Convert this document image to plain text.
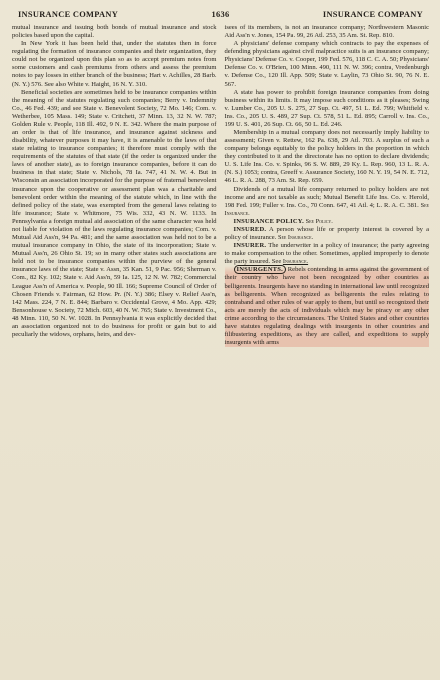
INSURANCE COMPANY	1636	INSURANCE COMPANY

mutual insurance and issuing both bonds of mutual insurance and stock policies based upon the capital.

In New York it has been held that, under the statutes then in force regulating the formation of insurance companies and their organization, they could not be organized upon this plan so as to accept premium notes from some customers and cash premiums from others and assess the premium notes to pay losses in either branch of the business; Hart v. Achilles, 28 Barb. (N. Y.) 576. See also White v. Haight, 16 N. Y. 310.

Beneficial societies are sometimes held to be insurance companies within the meaning of the statutes regulating such companies; Berry v. Indemnity Co., 46 Fed. 439; and see State v. Benevolent Society, 72 Mo. 146; Com. v. Wetherbee, 105 Mass. 149; State v. Critchett, 37 Minn. 13, 32 N. W. 787; Golden Rule v. People, 118 Ill. 492, 9 N. E. 342. Where the main purpose of an order is that of life insurance, and insurance against sickness and disability, whatever purposes it may have, it is amenable to the laws of that state relating to insurance companies; it therefore must comply with the requirements of the statutes of that state (if the order is organized under the laws of another state), as to foreign insurance companies, before it can do business in that state; State v. Nichols, 78 Ia. 747, 41 N. W. 4. But in Wisconsin an association incorporated for the purpose of fraternal benevolent insurance upon the cooperative or assessment plan was a charitable and benevolent order within the meaning of the statute which, in line with the defined policy of the state, was exempted from the general laws relating to life insurance; State v. Whitmore, 75 Wis. 332, 43 N. W. 1133. In Pennsylvania a foreign mutual aid association of the same character was held not liable for violation of the laws regulating insurance companies; Com. v. Mutual Aid Ass'n, 94 Pa. 481; and the same association was held not to be a mutual insurance company in Ohio, the state of its incorporation; State v. Mutual Ass'n, 26 Ohio St. 19; so in many other states such associations are held not to be insurance companies within the purview of the general insurance laws of the state; State v. Assn, 35 Kan. 51, 9 Pac. 956; Sherman v. Com., 82 Ky. 102; State v. Aid Ass'n, 59 Ia. 125, 12 N. W. 782; Commercial League Ass'n of America v. People, 90 Ill. 166; Supreme Council of Order of Chosen Friends v. Fairman, 62 How. Pr. (N. Y.) 386; Elsey v. Relief Ass'n, 142 Mass. 224, 7 N. E. 844; Barbaro v. Occidental Grove, 4 Mo. App. 429; Bensonhouse v. Society, 72 Mich. 603, 40 N. W. 765; State v. Investment Co., 48 Minn. 110, 50 N. W. 1028. In Pennsylvania it was explicitly decided that an association organized not to do business for profit or gain but to aid peculiarly the widows, orphans, heirs, and dev-

isees of its members, is not an insurance company; Northwestern Masonic Aid Ass'n v. Jones, 154 Pa. 99, 26 Atl. 253, 35 Am. St. Rep. 810.

A physicians' defense company which contracts to pay the expenses of defending physicians against civil malpractice suits is an insurance company; Physicians' Defense Co. v. Cooper, 199 Fed. 576, 118 C. C. A. 50; Physicians' Defense Co. v. O'Brien, 100 Minn. 490, 111 N. W. 396; contra, Vredenburgh v. Defense Co., 120 Ill. App. 509; State v. Laylin, 73 Ohio St. 90, 76 N. E. 567.

A state has power to prohibit foreign insurance companies from doing business within its limits. It may impose such conditions as it pleases; Swing v. Lumber Co., 205 U. S. 275, 27 Sup. Ct. 497, 51 L. Ed. 799; Whitfield v. Ins. Co., 205 U. S. 489, 27 Sup. Ct. 578, 51 L. Ed. 895; Carroll v. Ins. Co., 199 U. S. 401, 26 Sup. Ct. 66, 50 L. Ed. 246.

Membership in a mutual company does not necessarily imply liability to assessment; Given v. Rettew, 162 Pa. 638, 29 Atl. 703. A surplus of such a company belongs equitably to the policy holders in the proportion in which they contributed to it and the directorate has no option to declare dividends; U. S. Life Ins. Co. v. Spinks, 96 S. W. 889, 29 Ky. L. Rep. 960, 13 L. R. A. (N. S.) 1053; contra, Greeff v. Assurance Society, 160 N. Y. 19, 54 N. E. 712, 46 L. R. A. 288, 73 Am. St. Rep. 659.

Dividends of a mutual life company returned to policy holders are not income and are not taxable as such; Mutual Benefit Life Ins. Co. v. Herold, 198 Fed. 199; Fuller v. Ins. Co., 70 Conn. 647, 41 Atl. 4; L. R. A. C. 381. See Insurance.

INSURANCE POLICY. See Policy.

INSURED. A person whose life or property interest is covered by a policy of insurance. See Insurance.

INSURER. The underwriter in a policy of insurance; the party agreeing to make compensation to the other. Sometimes, applied improperly to denote the party insured. See Insurance.

INSURGENTS. Rebels contending in arms against the government of their country who have not been recognized by other countries as belligerents. Insurgents have no standing in international law until recognized as belligerents. When recognized as belligerents the rules relating to contraband and other rules of war apply to them, but until so recognized their acts are merely the acts of individuals which may be piracy or any other crime according to the circumstances. The United States and other countries have statutes regulating dealings with insurgents in other countries and filibustering expeditions, as they are called, and expeditions to supply insurgents with arms
